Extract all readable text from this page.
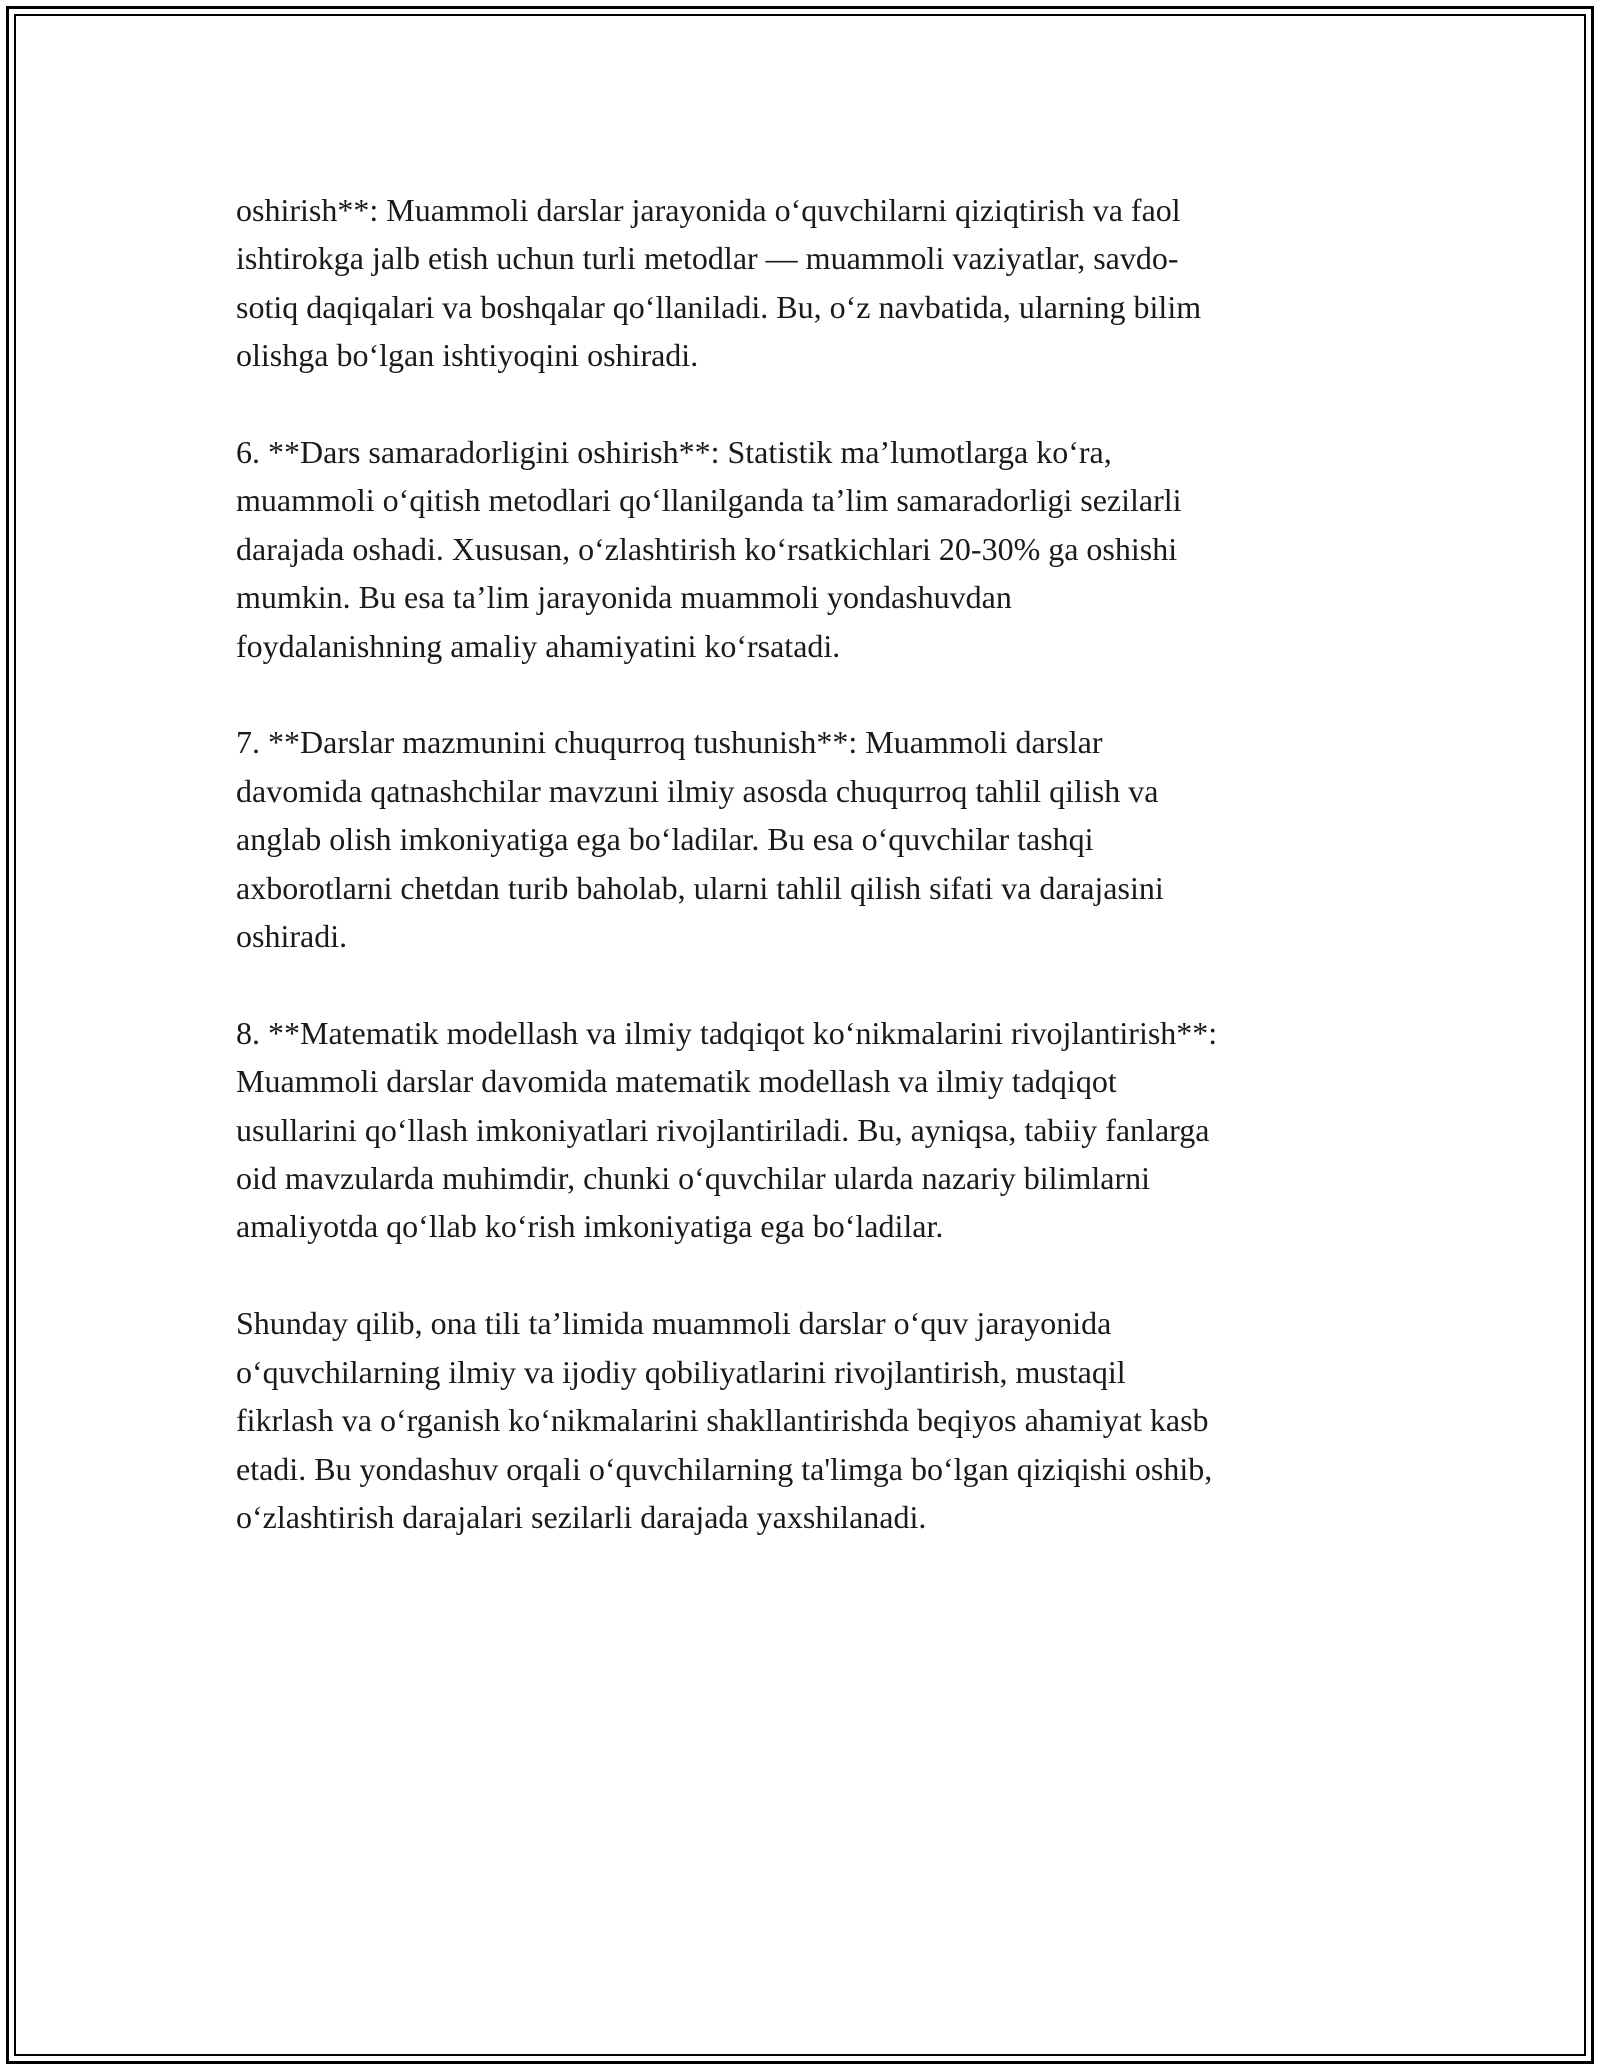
oshirish**: Muammoli darslar jarayonida o‘quvchilarni qiziqtirish va faol
ishtirokga jalb etish uchun turli metodlar — muammoli vaziyatlar, savdo-
sotiq daqiqalari va boshqalar qo‘llaniladi. Bu, o‘z navbatida, ularning bilim
olishga bo‘lgan ishtiyoqini oshiradi.

6. **Dars samaradorligini oshirish**: Statistik ma’lumotlarga ko‘ra,
muammoli o‘qitish metodlari qo‘llanilganda ta’lim samaradorligi sezilarli
darajada oshadi. Xususan, o‘zlashtirish ko‘rsatkichlari 20-30% ga oshishi
mumkin. Bu esa ta’lim jarayonida muammoli yondashuvdan
foydalanishning amaliy ahamiyatini ko‘rsatadi.

7. **Darslar mazmunini chuqurroq tushunish**: Muammoli darslar
davomida qatnashchilar mavzuni ilmiy asosda chuqurroq tahlil qilish va
anglab olish imkoniyatiga ega bo‘ladilar. Bu esa o‘quvchilar tashqi
axborotlarni chetdan turib baholab, ularni tahlil qilish sifati va darajasini
oshiradi.

8. **Matematik modellash va ilmiy tadqiqot ko‘nikmalarini rivojlantirish**:
Muammoli darslar davomida matematik modellash va ilmiy tadqiqot
usullarini qo‘llash imkoniyatlari rivojlantiriladi. Bu, ayniqsa, tabiiy fanlarga
oid mavzularda muhimdir, chunki o‘quvchilar ularda nazariy bilimlarni
amaliyotda qo‘llab ko‘rish imkoniyatiga ega bo‘ladilar.

Shunday qilib, ona tili ta’limida muammoli darslar o‘quv jarayonida
o‘quvchilarning ilmiy va ijodiy qobiliyatlarini rivojlantirish, mustaqil
fikrlash va o‘rganish ko‘nikmalarini shakllantirishda beqiyos ahamiyat kasb
etadi. Bu yondashuv orqali o‘quvchilarning ta'limga bo‘lgan qiziqishi oshib,
o‘zlashtirish darajalari sezilarli darajada yaxshilanadi.
